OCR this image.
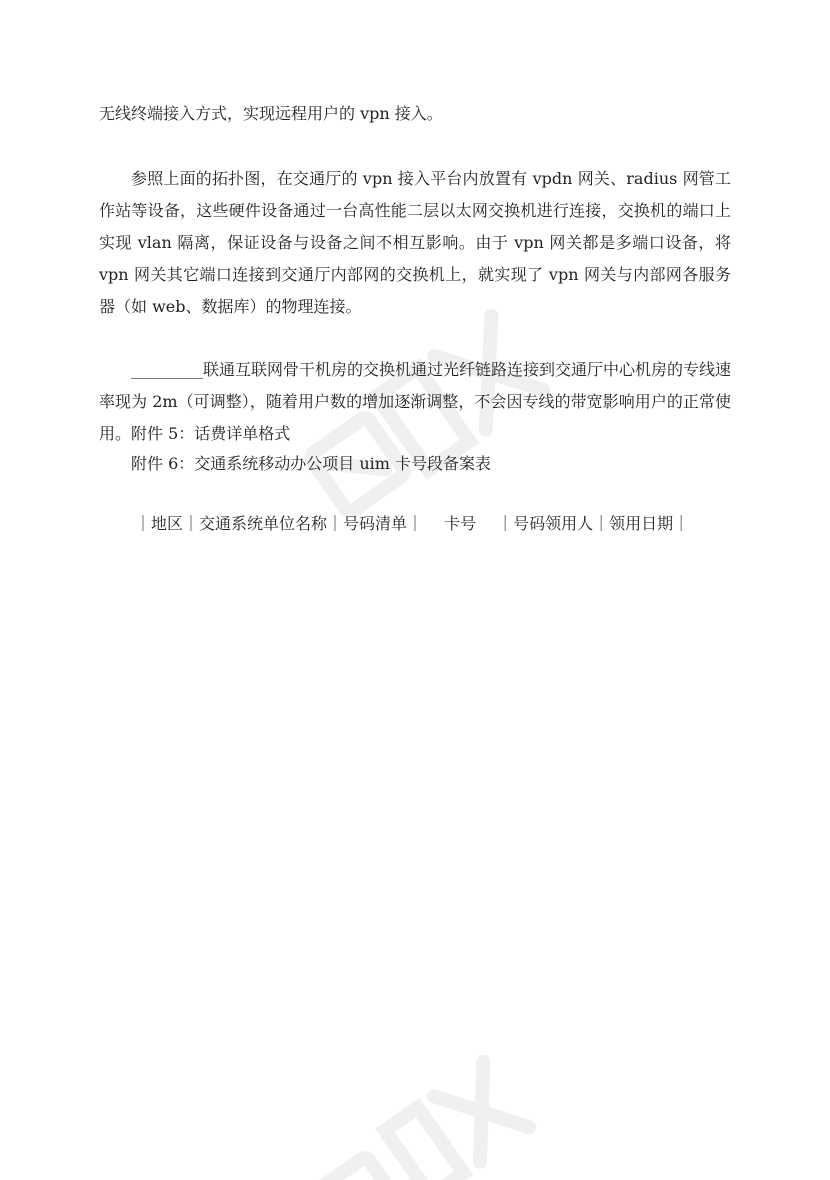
无线终端接入方式，实现远程用户的 vpn 接入。

参照上面的拓扑图，在交通厅的 vpn 接入平台内放置有 vpdn 网关、radius 网管工作站等设备，这些硬件设备通过一台高性能二层以太网交换机进行连接，交换机的端口上实现 vlan 隔离，保证设备与设备之间不相互影响。由于 vpn 网关都是多端口设备，将 vpn 网关其它端口连接到交通厅内部网的交换机上，就实现了 vpn 网关与内部网各服务器（如 web、数据库）的物理连接。

_________联通互联网骨干机房的交换机通过光纤链路连接到交通厅中心机房的专线速率现为 2m（可调整），随着用户数的增加逐渐调整，不会因专线的带宽影响用户的正常使用。附件 5：话费详单格式

附件 6：交通系统移动办公项目 uim 卡号段备案表

｜地区｜交通系统单位名称｜号码清单｜　 卡号　 ｜号码领用人｜领用日期｜
